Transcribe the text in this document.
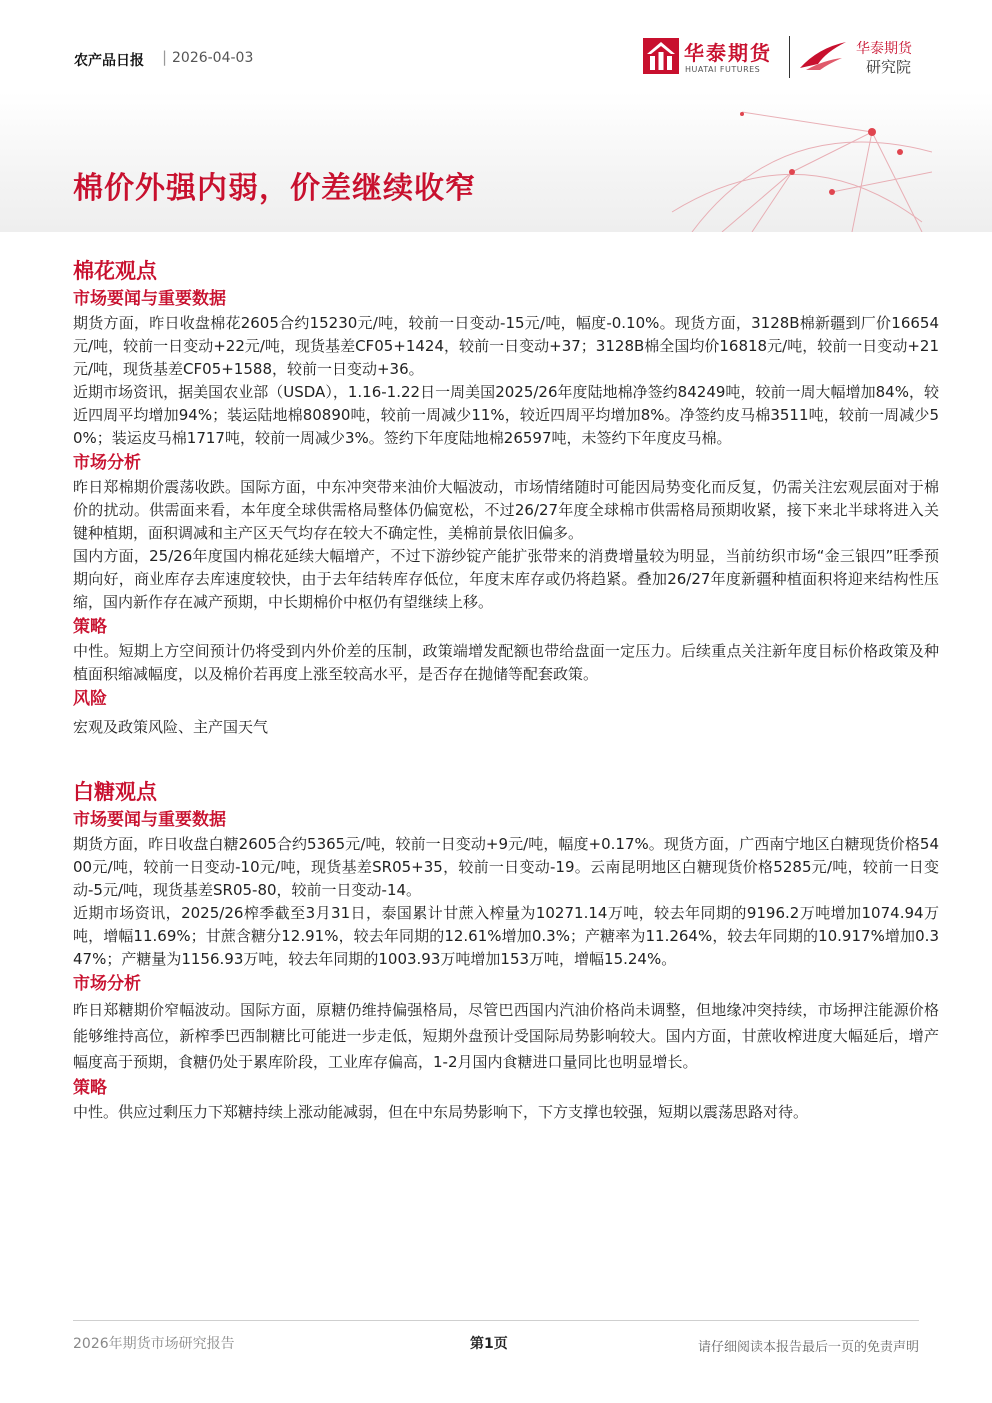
农产品日报 | 2026-04-03	华泰期货
HUATAI FUTURES
华泰期货
研究院
棉价外强内弱，价差继续收窄
棉花观点
市场要闻与重要数据

期货方面，昨日收盘棉花2605合约15230元/吨，较前一日变动-15元/吨，幅度-0.10%。现货方面，3128B棉新疆到厂价16654元/吨，较前一日变动+22元/吨，现货基差CF05+1424，较前一日变动+37；3128B棉全国均价16818元/吨，较前一日变动+21元/吨，现货基差CF05+1588，较前一日变动+36。

近期市场资讯，据美国农业部（USDA），1.16-1.22日一周美国2025/26年度陆地棉净签约84249吨，较前一周大幅增加84%，较近四周平均增加94%；装运陆地棉80890吨，较前一周减少11%，较近四周平均增加8%。净签约皮马棉3511吨，较前一周减少50%；装运皮马棉1717吨，较前一周减少3%。签约下年度陆地棉26597吨，未签约下年度皮马棉。

市场分析

昨日郑棉期价震荡收跌。国际方面，中东冲突带来油价大幅波动，市场情绪随时可能因局势变化而反复，仍需关注宏观层面对于棉价的扰动。供需面来看，本年度全球供需格局整体仍偏宽松，不过26/27年度全球棉市供需格局预期收紧，接下来北半球将进入关键种植期，面积调减和主产区天气均存在较大不确定性，美棉前景依旧偏多。

国内方面，25/26年度国内棉花延续大幅增产，不过下游纱锭产能扩张带来的消费增量较为明显，当前纺织市场“金三银四”旺季预期向好，商业库存去库速度较快，由于去年结转库存低位，年度末库存或仍将趋紧。叠加26/27年度新疆种植面积将迎来结构性压缩，国内新作存在减产预期，中长期棉价中枢仍有望继续上移。

策略

中性。短期上方空间预计仍将受到内外价差的压制，政策端增发配额也带给盘面一定压力。后续重点关注新年度目标价格政策及种植面积缩减幅度，以及棉价若再度上涨至较高水平，是否存在抛储等配套政策。

风险

宏观及政策风险、主产国天气

白糖观点
市场要闻与重要数据

期货方面，昨日收盘白糖2605合约5365元/吨，较前一日变动+9元/吨，幅度+0.17%。现货方面，广西南宁地区白糖现货价格5400元/吨，较前一日变动-10元/吨，现货基差SR05+35，较前一日变动-19。云南昆明地区白糖现货价格5285元/吨，较前一日变动-5元/吨，现货基差SR05-80，较前一日变动-14。

近期市场资讯，2025/26榨季截至3月31日，泰国累计甘蔗入榨量为10271.14万吨，较去年同期的9196.2万吨增加1074.94万吨，增幅11.69%；甘蔗含糖分12.91%，较去年同期的12.61%增加0.3%；产糖率为11.264%，较去年同期的10.917%增加0.347%；产糖量为1156.93万吨，较去年同期的1003.93万吨增加153万吨，增幅15.24%。

市场分析

昨日郑糖期价窄幅波动。国际方面，原糖仍维持偏强格局，尽管巴西国内汽油价格尚未调整，但地缘冲突持续，市场押注能源价格能够维持高位，新榨季巴西制糖比可能进一步走低，短期外盘预计受国际局势影响较大。国内方面，甘蔗收榨进度大幅延后，增产幅度高于预期，食糖仍处于累库阶段，工业库存偏高，1-2月国内食糖进口量同比也明显增长。

策略

中性。供应过剩压力下郑糖持续上涨动能减弱，但在中东局势影响下，下方支撑也较强，短期以震荡思路对待。

2026年期货市场研究报告	第1页	请仔细阅读本报告最后一页的免责声明
